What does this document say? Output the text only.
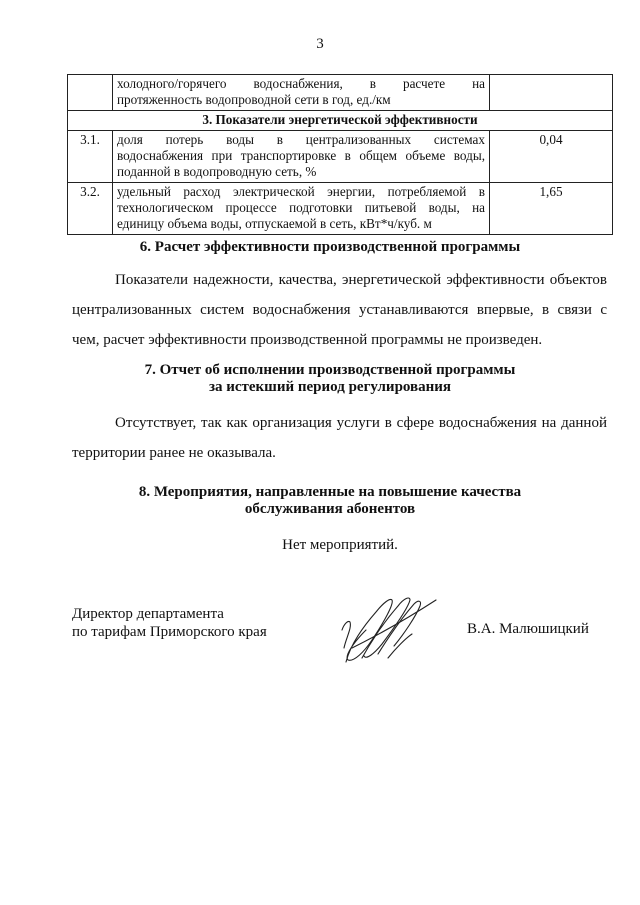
3

	холодного/горячего водоснабжения, в расчете на
протяженность водопроводной сети в год, ед./км	

3. Показатели энергетической эффективности		
3.1.	доля потерь воды в централизованных системах
водоснабжения при транспортировке в общем объеме воды,
поданной в водопроводную сеть, %	0,04
3.2.	удельный расход электрической энергии, потребляемой в
технологическом процессе подготовки питьевой воды, на
единицу объема воды, отпускаемой в сеть, кВт*ч/куб. м	1,65
6. Расчет эффективности производственной программы
Показатели надежности, качества, энергетической эффективности объектов
централизованных систем водоснабжения устанавливаются впервые, в связи с
чем, расчет эффективности производственной программы не произведен.
7. Отчет об исполнении производственной программы
за истекший период регулирования
Отсутствует, так как организация услуги в сфере водоснабжения на данной
территории ранее не оказывала.
8. Мероприятия, направленные на повышение качества
обслуживания абонентов
Нет мероприятий.
Директор департамента
по тарифам Приморского края	В.А. Малюшицкий
